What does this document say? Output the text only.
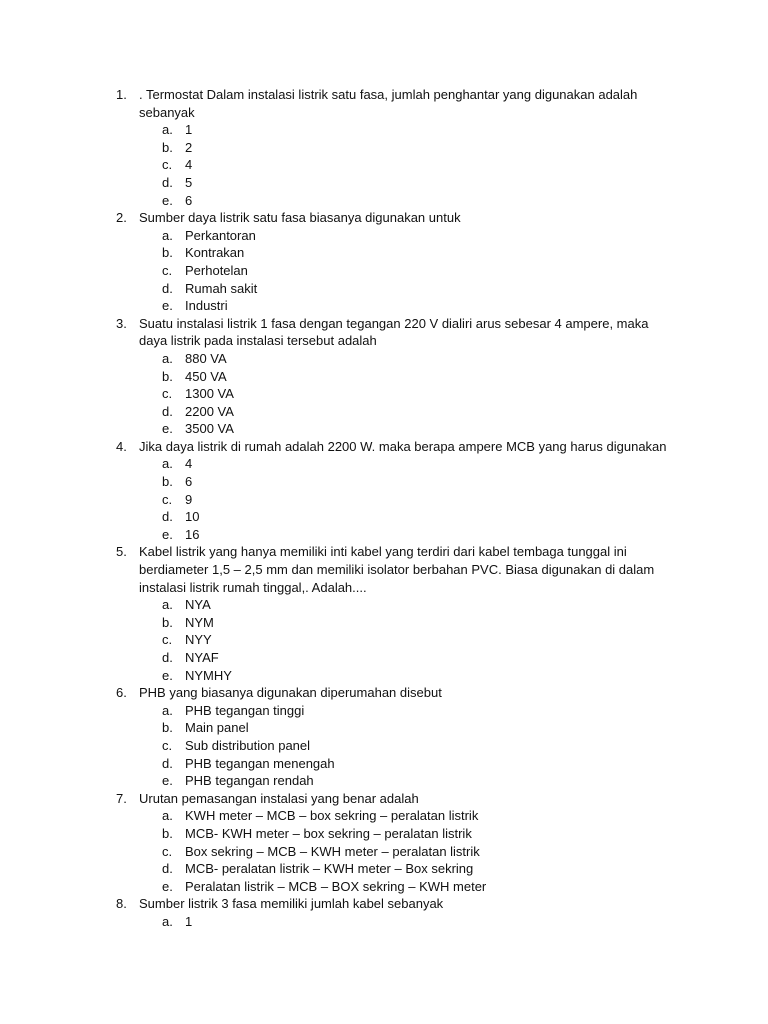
1. . Termostat Dalam instalasi listrik satu fasa, jumlah penghantar yang digunakan adalah sebanyak
a. 1
b. 2
c. 4
d. 5
e. 6
2. Sumber daya listrik satu fasa biasanya digunakan untuk
a. Perkantoran
b. Kontrakan
c. Perhotelan
d. Rumah sakit
e. Industri
3. Suatu instalasi listrik 1 fasa dengan tegangan 220 V dialiri arus sebesar 4 ampere, maka daya listrik pada instalasi tersebut adalah
a. 880 VA
b. 450 VA
c. 1300 VA
d. 2200 VA
e. 3500 VA
4. Jika daya listrik di rumah adalah 2200 W. maka berapa ampere MCB yang harus digunakan
a. 4
b. 6
c. 9
d. 10
e. 16
5. Kabel listrik yang hanya memiliki inti kabel yang terdiri dari kabel tembaga tunggal ini berdiameter 1,5 – 2,5 mm dan memiliki isolator berbahan PVC. Biasa digunakan di dalam instalasi listrik rumah tinggal,. Adalah....
a. NYA
b. NYM
c. NYY
d. NYAF
e. NYMHY
6. PHB yang biasanya digunakan diperumahan disebut
a. PHB tegangan tinggi
b. Main panel
c. Sub distribution panel
d. PHB tegangan menengah
e. PHB tegangan rendah
7. Urutan pemasangan instalasi yang benar adalah
a. KWH meter – MCB – box sekring – peralatan listrik
b. MCB- KWH meter – box sekring – peralatan listrik
c. Box sekring – MCB – KWH meter – peralatan listrik
d. MCB- peralatan listrik – KWH meter – Box sekring
e. Peralatan listrik – MCB – BOX sekring – KWH meter
8. Sumber listrik 3 fasa memiliki jumlah kabel sebanyak
a. 1
